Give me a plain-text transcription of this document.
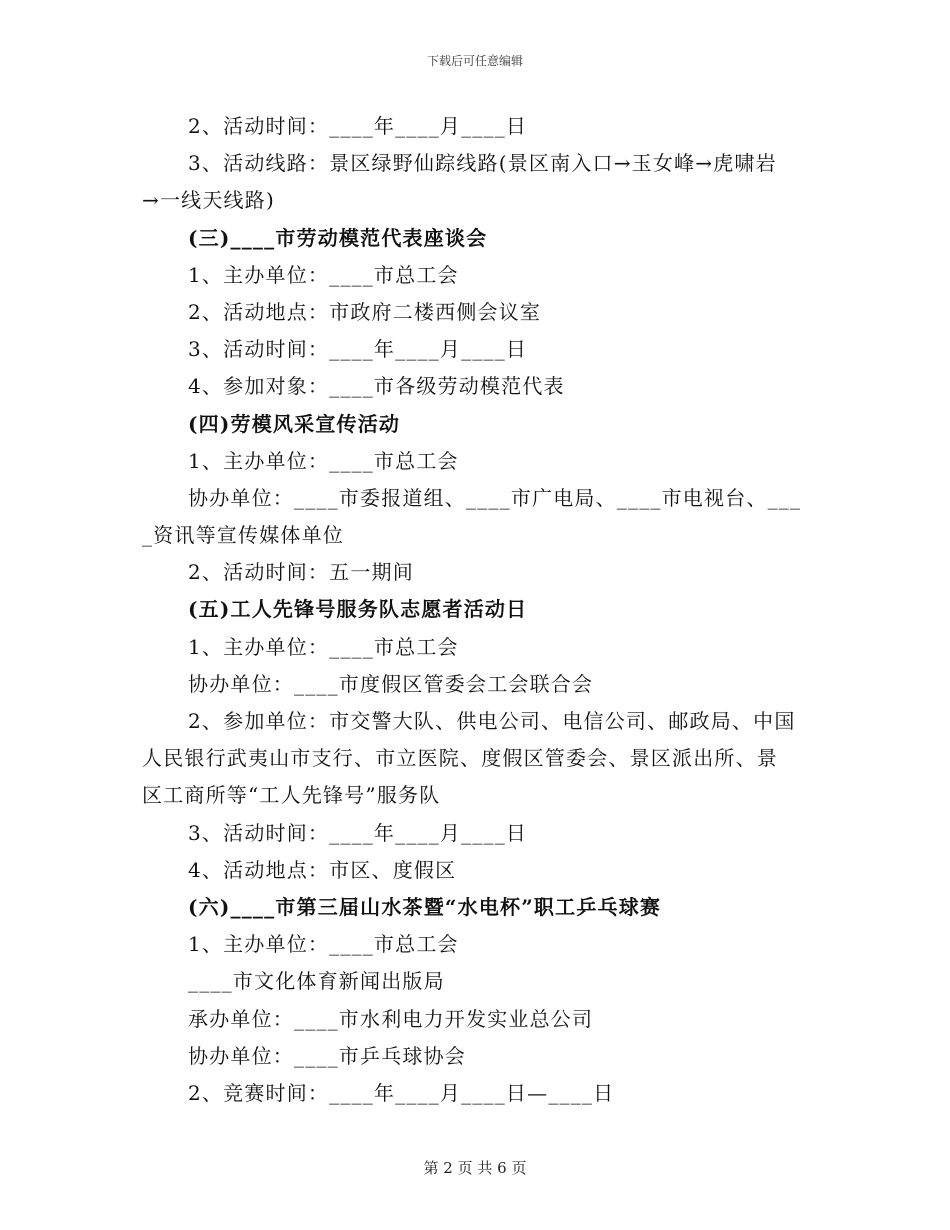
下载后可任意编辑
2、活动时间：____年____月____日
3、活动线路：景区绿野仙踪线路(景区南入口→玉女峰→虎啸岩
→一线天线路)
(三)____市劳动模范代表座谈会
1、主办单位：____市总工会
2、活动地点：市政府二楼西侧会议室
3、活动时间：____年____月____日
4、参加对象：____市各级劳动模范代表
(四)劳模风采宣传活动
1、主办单位：____市总工会
协办单位：____市委报道组、____市广电局、____市电视台、___
_资讯等宣传媒体单位
2、活动时间：五一期间
(五)工人先锋号服务队志愿者活动日
1、主办单位：____市总工会
协办单位：____市度假区管委会工会联合会
2、参加单位：市交警大队、供电公司、电信公司、邮政局、中国
人民银行武夷山市支行、市立医院、度假区管委会、景区派出所、景
区工商所等“工人先锋号”服务队
3、活动时间：____年____月____日
4、活动地点：市区、度假区
(六)____市第三届山水茶暨“水电杯”职工乒乓球赛
1、主办单位：____市总工会
____市文化体育新闻出版局
承办单位：____市水利电力开发实业总公司
协办单位：____市乒乓球协会
2、竞赛时间：____年____月____日—____日
第 2 页 共 6 页
